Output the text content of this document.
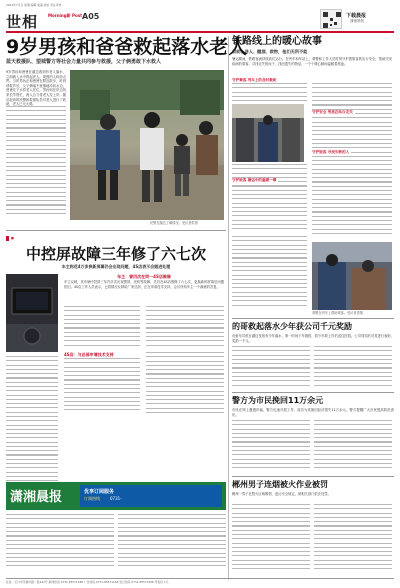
2024年7月日 星期 编辑 美编 校检 责任审核
世相 Morning新 Post A05	下载晨报
潇湘晨报
9岁男孩和爸爸救起落水老人
蓝天救援队、望城警方等社会力量共同参与救援，父子俩勇敢下水救人
9岁男孩和爸爸在湖边看到有老人落水，立即跳入水中救起老人，周围的人纷纷点赞。当时男孩正和爸爸在附近散步，听到呼救声后，父子俩毫不犹豫地冲向水边。爸爸先下水将老人托住，男孩则在岸边找来长竿帮忙，两人合力将老人拉上岸。随后赶到的民警和救援队员对老人进行了救助，老人已无大碍。
民警在湖边了解情况。受访者供图
铁路线上的暖心故事
救助、寻人、醒酒、救物，他们无所不能
暑运期间，铁路客流持续高位运行。在列车和车站上，乘警和工作人员时刻守护着旅客的出行安全，帮助突发疾病的乘客、寻找走失的孩子、找回遗失的物品，一个个暖心瞬间温暖着旅途。
守护乘客 列车上的及时救助
守护旅客 暑运中的温暖一幕
守护安全 男孩在站台走失
守护旅客 寻找失物的人
乘警在列车上帮助乘客。受访者供图
■
中控屏故障三年修了六七次
车主称花4万多换新屏幕仍会出现问题，4S店表示会跟进处理
车主：曾四次在同一4S店维修
车主反映，其车辆中控屏三年内多次出现黑屏、死机等故障，先后在4S店维修了六七次，更换新的屏幕后问题依旧。4S店工作人员表示，已将情况反映给厂家总部，正在申请技术支持，会尽快给车主一个满意的答复。
4S店：与总部申请技术支持
的哥救起落水少年获公司千元奖励
出租车司机在湖边发现有少年落水，第一时间下车施救，将少年救上岸后送往医院。公司得知后对其进行表彰，奖励一千元。
警方为市民挽回11万余元
市民在网上遭遇诈骗，警方迅速开展工作，成功为其挽回经济损失11万余元。警方提醒广大市民提高防范意识。
潇湘晨报	优享订阅服务
订阅热线	0731-
郴州男子连烟被火作业被罚
郴州一男子在禁火区域吸烟，违反安全规定，被相关部门依法处罚。
社址：长沙市芙蓉中路一段442号 新闻热线 0731-85571188 广告热线 0731-85571148 发行热线 0731-85571588 零售价 1元
